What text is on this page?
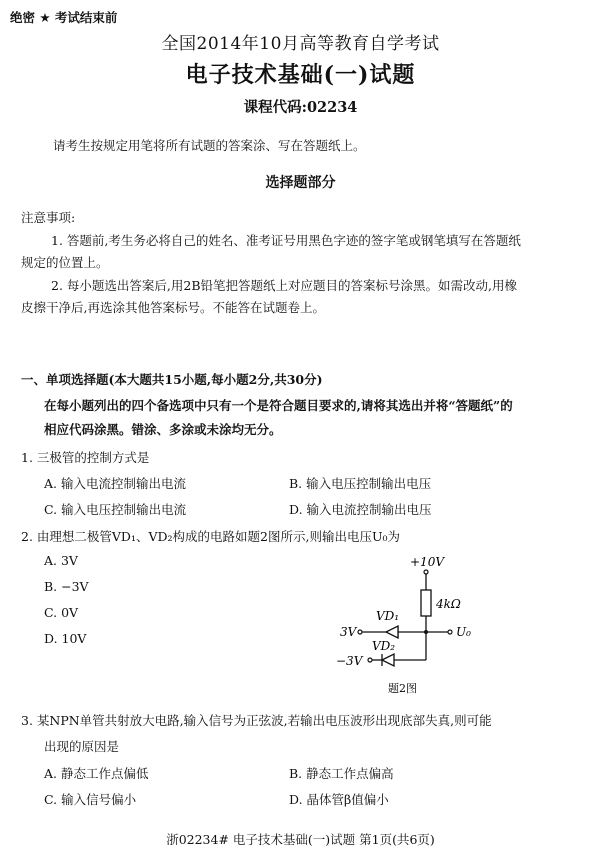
绝密 ★ 考试结束前
全国2014年10月高等教育自学考试
电子技术基础(一)试题
课程代码:02234
请考生按规定用笔将所有试题的答案涂、写在答题纸上。
选择题部分
注意事项:
1. 答题前,考生务必将自己的姓名、准考证号用黑色字迹的签字笔或钢笔填写在答题纸
规定的位置上。
2. 每小题选出答案后,用2B铅笔把答题纸上对应题目的答案标号涂黑。如需改动,用橡
皮擦干净后,再选涂其他答案标号。不能答在试题卷上。
一、单项选择题(本大题共15小题,每小题2分,共30分)
在每小题列出的四个备选项中只有一个是符合题目要求的,请将其选出并将“答题纸”的
相应代码涂黑。错涂、多涂或未涂均无分。
1. 三极管的控制方式是
A. 输入电流控制输出电流	B. 输入电压控制输出电压
C. 输入电压控制输出电流	D. 输入电流控制输出电压
2. 由理想二极管VD₁、VD₂构成的电路如题2图所示,则输出电压U₀为
A. 3V
B. −3V
C. 0V
D. 10V
+10V
4kΩ
VD₁
VD₂
3V
−3V
U₀
题2图
3. 某NPN单管共射放大电路,输入信号为正弦波,若输出电压波形出现底部失真,则可能
出现的原因是
A. 静态工作点偏低	B. 静态工作点偏高
C. 输入信号偏小	D. 晶体管β值偏小
浙02234# 电子技术基础(一)试题 第1页(共6页)
